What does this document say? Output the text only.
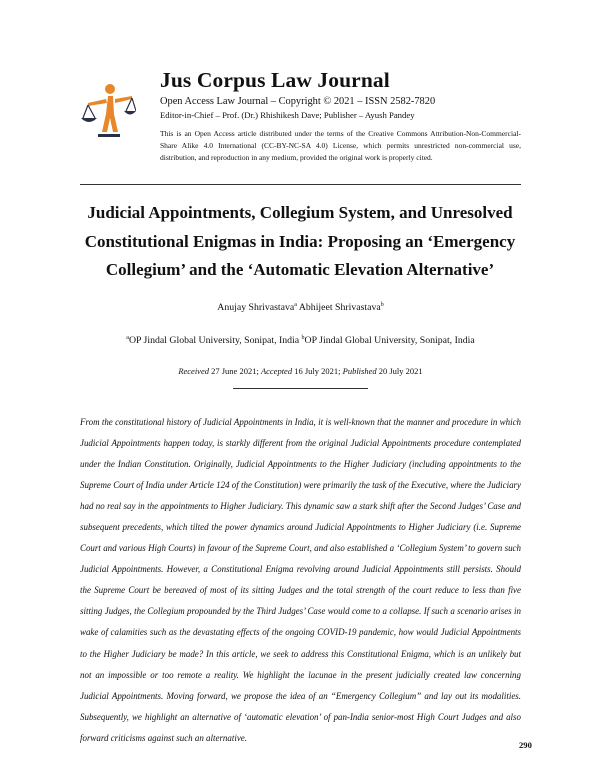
Jus Corpus Law Journal
Open Access Law Journal – Copyright © 2021 – ISSN 2582-7820
Editor-in-Chief – Prof. (Dr.) Rhishikesh Dave; Publisher – Ayush Pandey
This is an Open Access article distributed under the terms of the Creative Commons Attribution-Non-Commercial-Share Alike 4.0 International (CC-BY-NC-SA 4.0) License, which permits unrestricted non-commercial use, distribution, and reproduction in any medium, provided the original work is properly cited.
Judicial Appointments, Collegium System, and Unresolved Constitutional Enigmas in India: Proposing an ‘Emergency Collegium’ and the ‘Automatic Elevation Alternative’
Anujay Shrivastava$^a$ Abhijeet Shrivastava$^b$
$^a$OP Jindal Global University, Sonipat, India $^b$OP Jindal Global University, Sonipat, India
Received 27 June 2021; Accepted 16 July 2021; Published 20 July 2021
From the constitutional history of Judicial Appointments in India, it is well-known that the manner and procedure in which Judicial Appointments happen today, is starkly different from the original Judicial Appointments procedure contemplated under the Indian Constitution. Originally, Judicial Appointments to the Higher Judiciary (including appointments to the Supreme Court of India under Article 124 of the Constitution) were primarily the task of the Executive, where the Judiciary had no real say in the appointments to Higher Judiciary. This dynamic saw a stark shift after the Second Judges’ Case and subsequent precedents, which tilted the power dynamics around Judicial Appointments to Higher Judiciary (i.e. Supreme Court and various High Courts) in favour of the Supreme Court, and also established a ‘Collegium System’ to govern such Judicial Appointments. However, a Constitutional Enigma revolving around Judicial Appointments still persists. Should the Supreme Court be bereaved of most of its sitting Judges and the total strength of the court reduce to less than five sitting Judges, the Collegium propounded by the Third Judges’ Case would come to a collapse. If such a scenario arises in wake of calamities such as the devastating effects of the ongoing COVID-19 pandemic, how would Judicial Appointments to the Higher Judiciary be made? In this article, we seek to address this Constitutional Enigma, which is an unlikely but not an impossible or too remote a reality. We highlight the lacunae in the present judicially created law concerning Judicial Appointments. Moving forward, we propose the idea of an “Emergency Collegium” and lay out its modalities. Subsequently, we highlight an alternative of ‘automatic elevation’ of pan-India senior-most High Court Judges and also forward criticisms against such an alternative.
290
